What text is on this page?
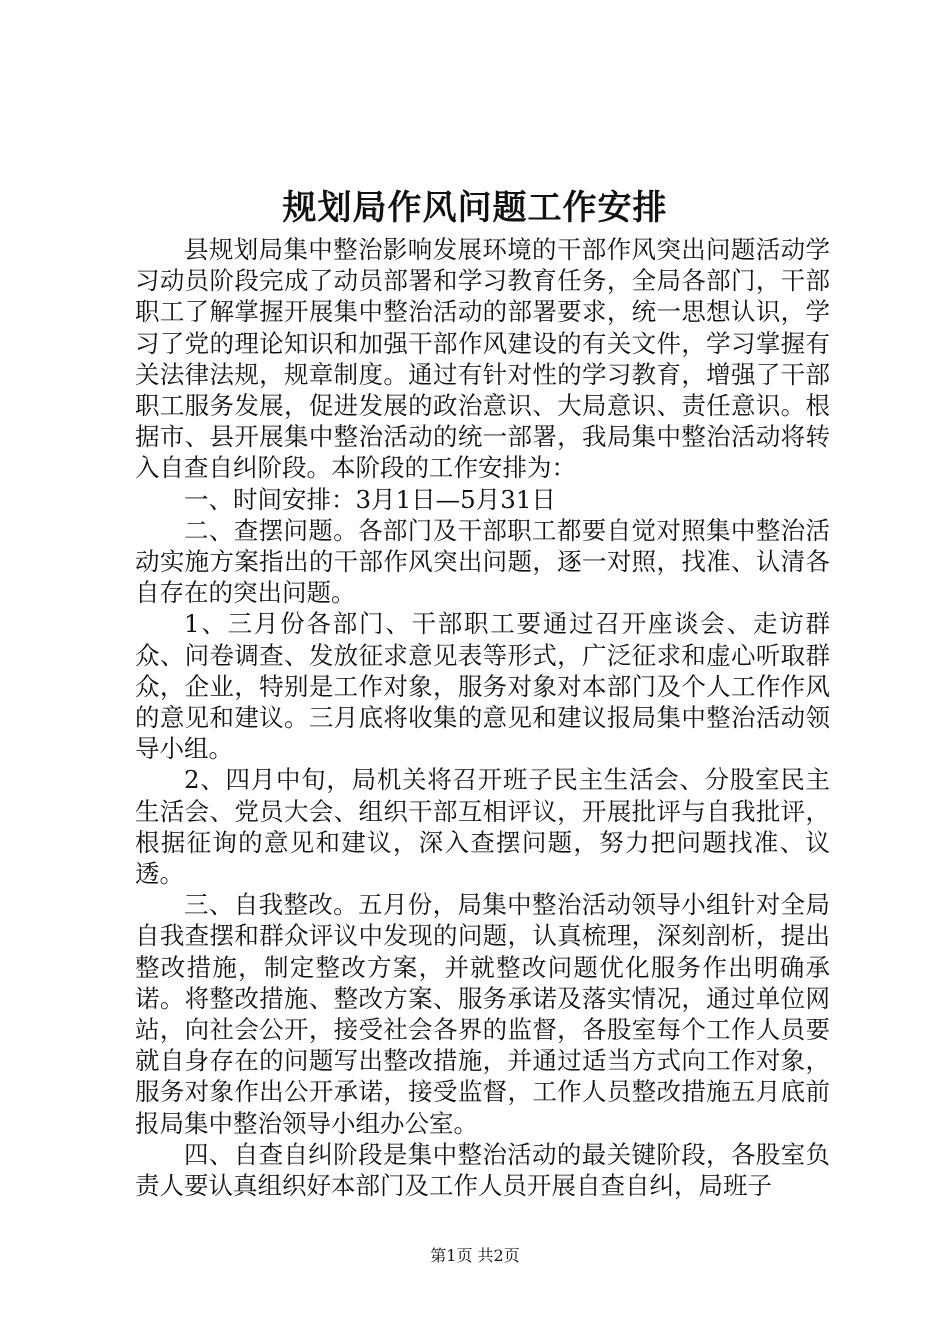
规划局作风问题工作安排

县规划局集中整治影响发展环境的干部作风突出问题活动学习动员阶段完成了动员部署和学习教育任务，全局各部门，干部职工了解掌握开展集中整治活动的部署要求，统一思想认识，学习了党的理论知识和加强干部作风建设的有关文件，学习掌握有关法律法规，规章制度。通过有针对性的学习教育，增强了干部职工服务发展，促进发展的政治意识、大局意识、责任意识。根据市、县开展集中整治活动的统一部署，我局集中整治活动将转入自查自纠阶段。本阶段的工作安排为：

一、时间安排：3月1日—5月31日

二、查摆问题。各部门及干部职工都要自觉对照集中整治活动实施方案指出的干部作风突出问题，逐一对照，找准、认清各自存在的突出问题。

1、三月份各部门、干部职工要通过召开座谈会、走访群众、问卷调查、发放征求意见表等形式，广泛征求和虚心听取群众，企业，特别是工作对象，服务对象对本部门及个人工作作风的意见和建议。三月底将收集的意见和建议报局集中整治活动领导小组。

2、四月中旬，局机关将召开班子民主生活会、分股室民主生活会、党员大会、组织干部互相评议，开展批评与自我批评，根据征询的意见和建议，深入查摆问题，努力把问题找准、议透。

三、自我整改。五月份，局集中整治活动领导小组针对全局自我查摆和群众评议中发现的问题，认真梳理，深刻剖析，提出整改措施，制定整改方案，并就整改问题优化服务作出明确承诺。将整改措施、整改方案、服务承诺及落实情况，通过单位网站，向社会公开，接受社会各界的监督，各股室每个工作人员要就自身存在的问题写出整改措施，并通过适当方式向工作对象，服务对象作出公开承诺，接受监督，工作人员整改措施五月底前报局集中整治领导小组办公室。

四、自查自纠阶段是集中整治活动的最关键阶段，各股室负责人要认真组织好本部门及工作人员开展自查自纠，局班子

第1页 共2页
